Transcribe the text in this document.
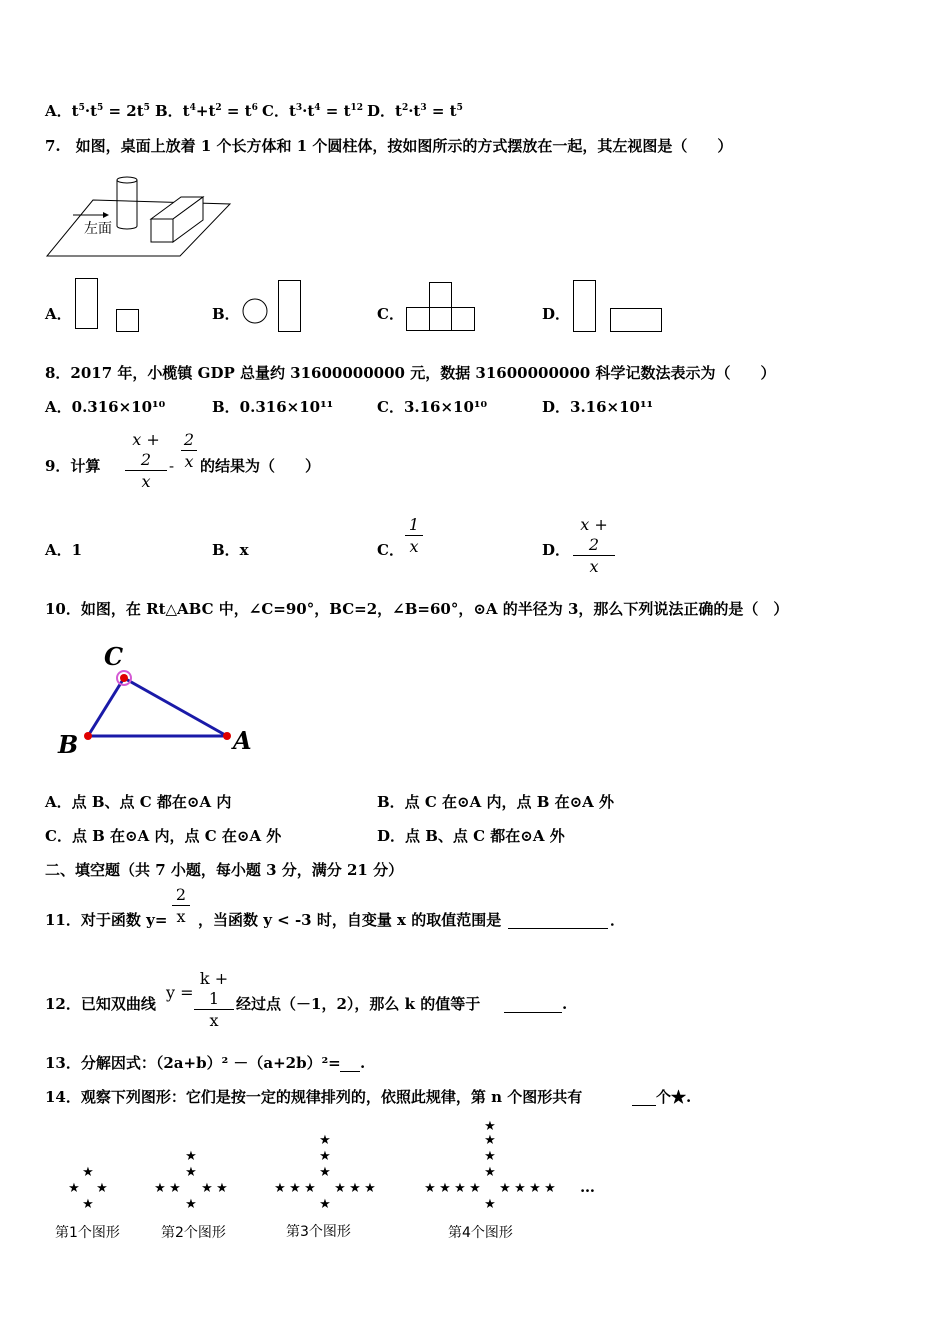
A．$t^5\cdot t^5 = 2t^5$ B．$t^4+t^2 = t^6$ C．$t^3\cdot t^4 = t^{12}$ D．$t^2\cdot t^3 = t^5$
7.　如图，桌面上放着 1 个长方体和 1 个圆柱体，按如图所示的方式摆放在一起，其左视图是（　　）
左面
A．	B．	C．	D．
8．2017 年，小榄镇 GDP 总量约 31600000000 元，数据 31600000000 科学记数法表示为（　　）
A．0.316×10¹⁰	B．0.316×10¹¹	C．3.16×10¹⁰	D．3.16×10¹¹
9．计算 $\frac{x + 2}{x} - \frac{2}{x}$ 的结果为（　　）
A．1	B．x	C． $\frac{1}{x}$	D． $\frac{x + 2}{x}$
10．如图，在 Rt△ABC 中，∠C=90°，BC=2，∠B=60°，⊙A 的半径为 3，那么下列说法正确的是（　）
C
B	A
A．点 B、点 C 都在⊙A 内	B．点 C 在⊙A 内，点 B 在⊙A 外
C．点 B 在⊙A 内，点 C 在⊙A 外	D．点 B、点 C 都在⊙A 外
二、填空题（共 7 小题，每小题 3 分，满分 21 分）
11．对于函数 $y= \frac{2}{x}$ ，当函数 y < -3 时，自变量 x 的取值范围是	．
12．已知双曲线
$y = \frac{k + 1}{x}$ 经过点（－1，2），那么 k 的值等于	.
13．分解因式：（2a+b）² －（a+2b）²= .
14．观察下列图形：它们是按一定的规律排列的，依照此规律，第 n 个图形共有	个★.
★
★ ★
★
★
★
★ ★ ★ ★
★
★
★
★
★ ★ ★ ★ ★ ★
★
★
★
★
★
★ ★ ★ ★ ★ ★ ★ ★
★
…
第1个图形	第2个图形	第3个图形	第4个图形
